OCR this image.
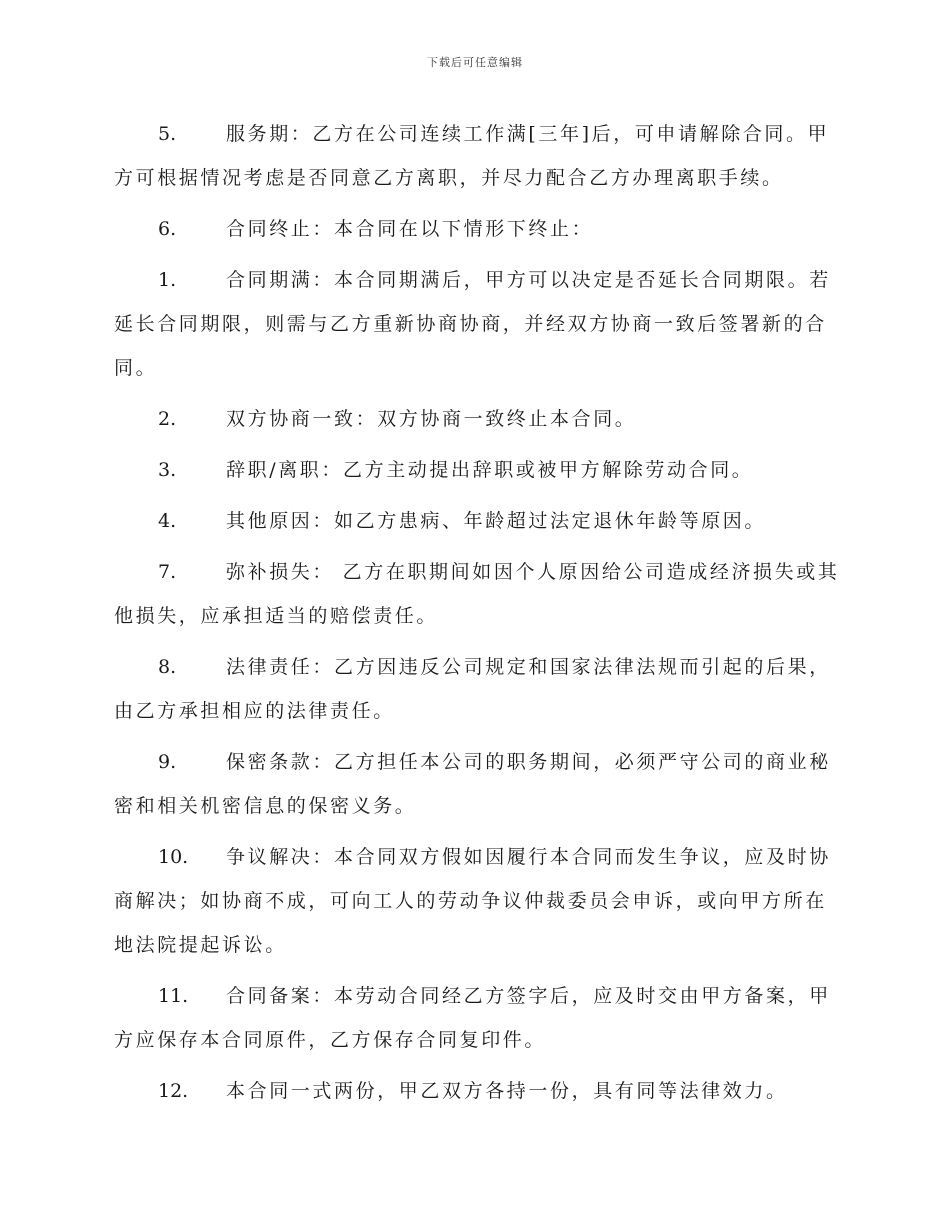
下载后可任意编辑

5.	服务期：乙方在公司连续工作满[三年]后，可申请解除合同。甲方可根据情况考虑是否同意乙方离职，并尽力配合乙方办理离职手续。

6.	合同终止：本合同在以下情形下终止：

1.	合同期满：本合同期满后，甲方可以决定是否延长合同期限。若延长合同期限，则需与乙方重新协商协商，并经双方协商一致后签署新的合同。

2.	双方协商一致：双方协商一致终止本合同。

3.	辞职/离职：乙方主动提出辞职或被甲方解除劳动合同。

4.	其他原因：如乙方患病、年龄超过法定退休年龄等原因。

7.	弥补损失： 乙方在职期间如因个人原因给公司造成经济损失或其他损失，应承担适当的赔偿责任。

8.	法律责任：乙方因违反公司规定和国家法律法规而引起的后果，由乙方承担相应的法律责任。

9.	保密条款：乙方担任本公司的职务期间，必须严守公司的商业秘密和相关机密信息的保密义务。

10. 争议解决：本合同双方假如因履行本合同而发生争议，应及时协商解决；如协商不成，可向工人的劳动争议仲裁委员会申诉，或向甲方所在地法院提起诉讼。

11. 合同备案：本劳动合同经乙方签字后，应及时交由甲方备案，甲方应保存本合同原件，乙方保存合同复印件。

12. 本合同一式两份，甲乙双方各持一份，具有同等法律效力。
